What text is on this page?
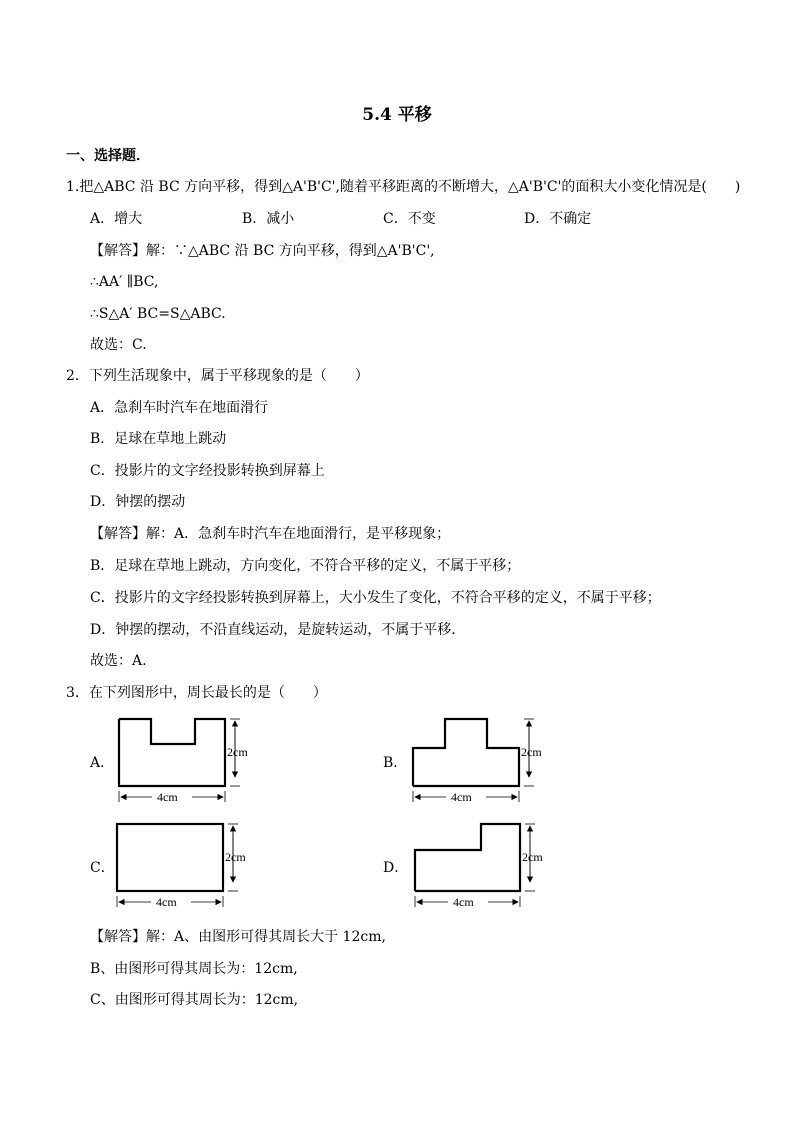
5.4 平移
一、选择题．
1.把△ABC 沿 BC 方向平移，得到△A'B'C',随着平移距离的不断增大，△A'B'C'的面积大小变化情况是(　　)
A．增大	B．减小	C．不变	D．不确定
【解答】解：∵△ABC 沿 BC 方向平移，得到△A'B'C',
∴AA′ ∥BC,
∴S△A′ BC=S△ABC.
故选：C.
2．下列生活现象中，属于平移现象的是（　　）
A．急刹车时汽车在地面滑行
B．足球在草地上跳动
C．投影片的文字经投影转换到屏幕上
D．钟摆的摆动
【解答】解：A．急刹车时汽车在地面滑行，是平移现象；
B．足球在草地上跳动，方向变化，不符合平移的定义，不属于平移；
C．投影片的文字经投影转换到屏幕上，大小发生了变化，不符合平移的定义，不属于平移；
D．钟摆的摆动，不沿直线运动，是旋转运动，不属于平移．
故选：A.
3．在下列图形中，周长最长的是（　　）
A．	B．
C．	D．
2cm
4cm
2cm
4cm
2cm
4cm
2cm
4cm
【解答】解：A、由图形可得其周长大于 12cm,
B、由图形可得其周长为：12cm,
C、由图形可得其周长为：12cm,
